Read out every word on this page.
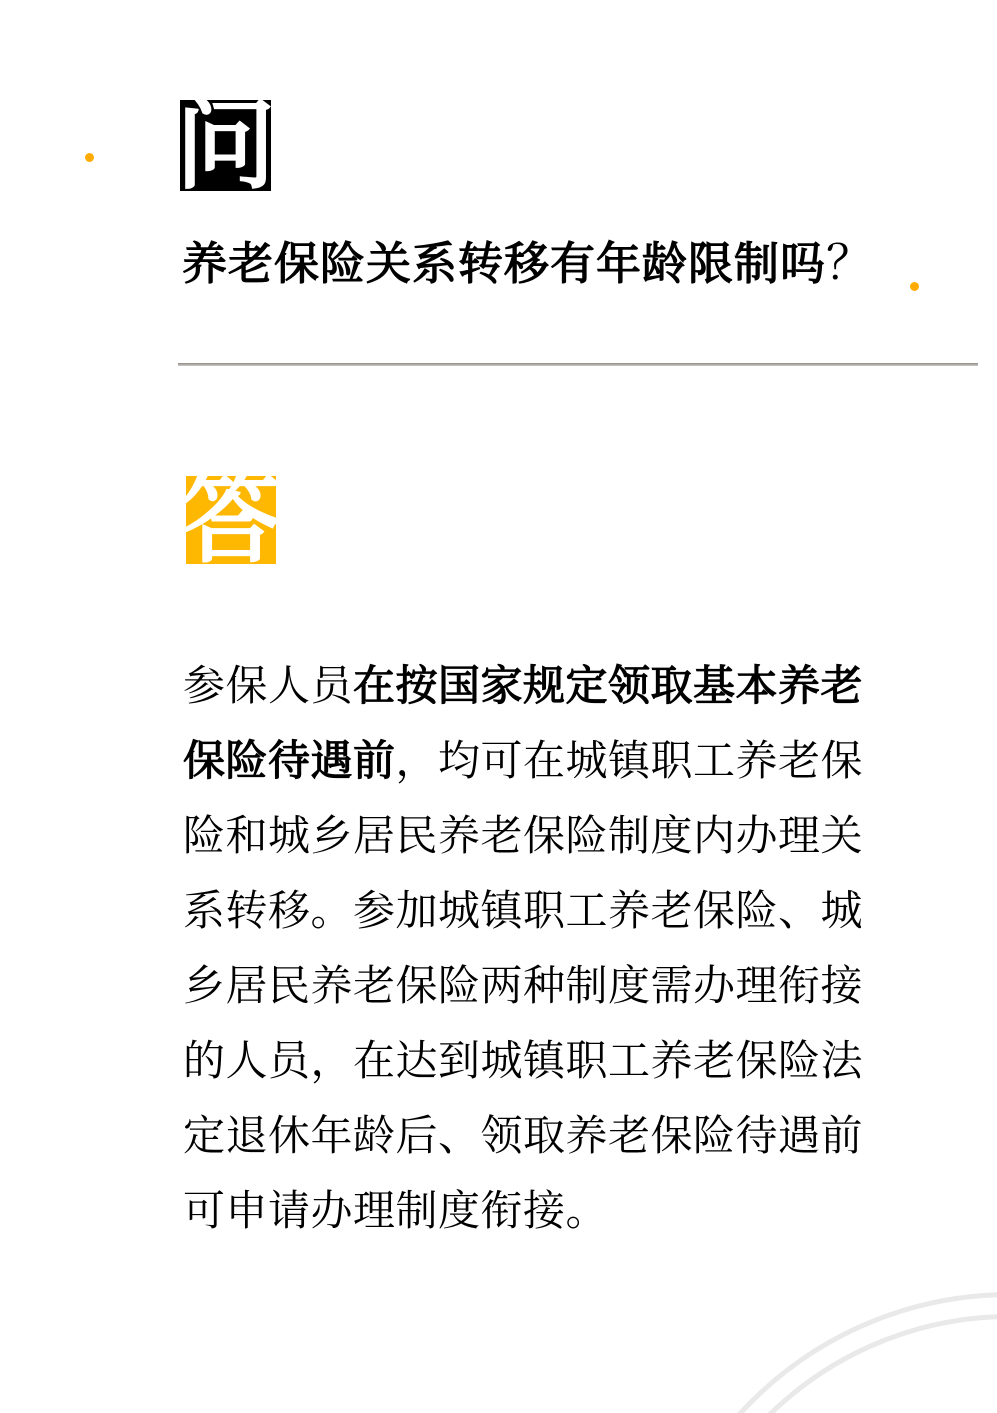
问
养老保险关系转移有年龄限制吗？
答
参保人员在按国家规定领取基本养老
保险待遇前，均可在城镇职工养老保
险和城乡居民养老保险制度内办理关
系转移。参加城镇职工养老保险、城
乡居民养老保险两种制度需办理衔接
的人员，在达到城镇职工养老保险法
定退休年龄后、领取养老保险待遇前
可申请办理制度衔接。
